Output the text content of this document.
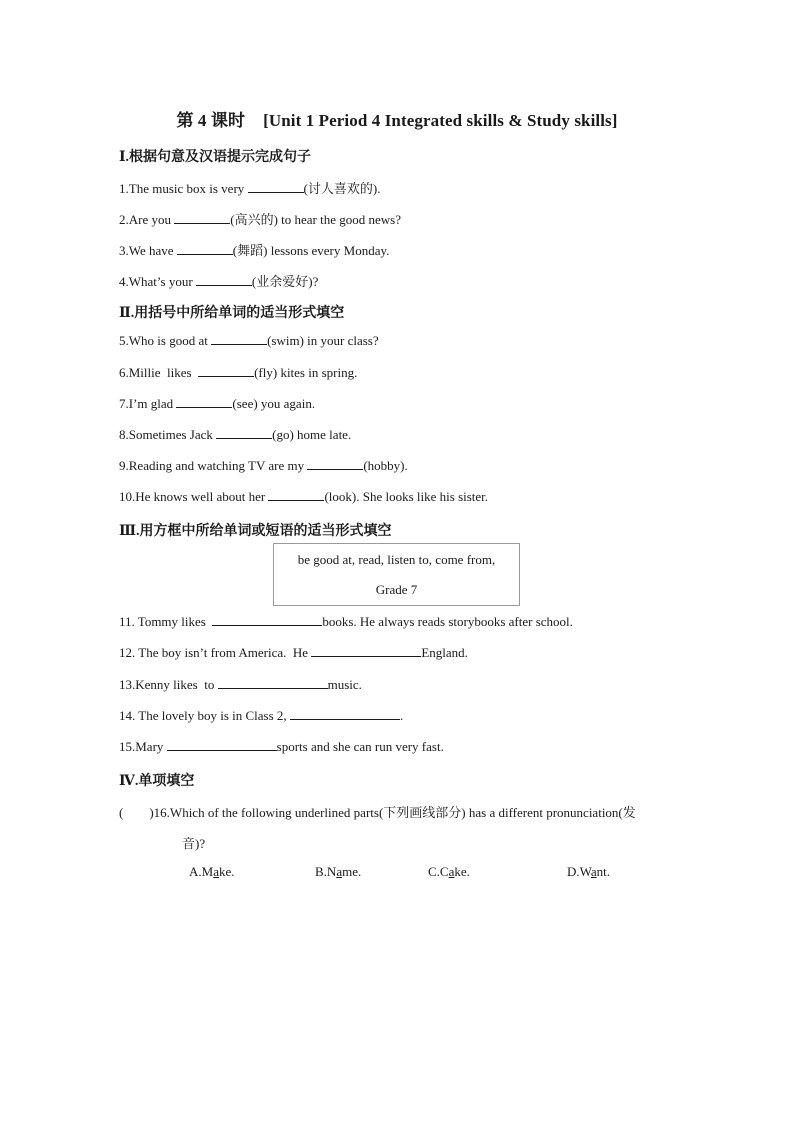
第 4 课时 [Unit 1 Period 4 Integrated skills & Study skills]
Ⅰ.根据句意及汉语提示完成句子
1.The music box is very	(讨人喜欢的).
2.Are you	(高兴的) to hear the good news?
3.We have	(舞蹈) lessons every Monday.
4.What’s your	(业余爱好)?
Ⅱ.用括号中所给单词的适当形式填空
5.Who is good at	(swim) in your class?
6.Millie  likes	(fly) kites in spring.
7.I’m glad	(see) you again.
8.Sometimes Jack	(go) home late.
9.Reading and watching TV are my	(hobby).
10.He knows well about her	(look). She looks like his sister.
Ⅲ.用方框中所给单词或短语的适当形式填空
be good at, read, listen to, come from,
Grade 7
11. Tommy likes	books. He always reads storybooks after school.
12. The boy isn’t from America.  He	England.
13.Kenny likes  to	music.
14. The lovely boy is in Class 2,	.
15.Mary	sports and she can run very fast.
Ⅳ.单项填空
(        )16.Which of the following underlined parts(下列画线部分) has a different pronunciation(发
音)?
A.Make.	B.Name.	C.Cake.	D.Want.
